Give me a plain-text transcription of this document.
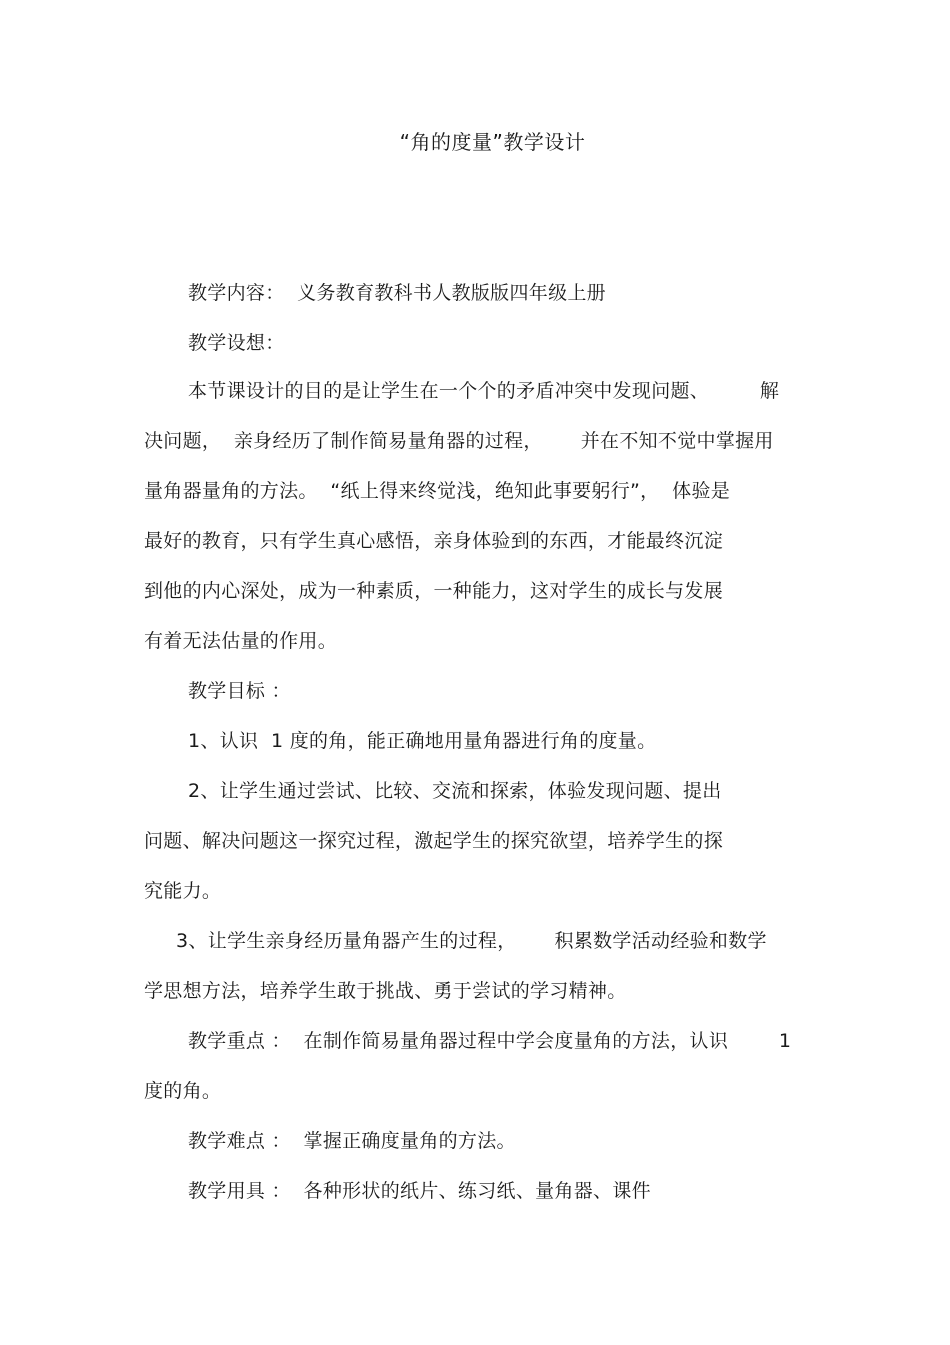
“角的度量”教学设计
教学内容：  义务教育教科书人教版版四年级上册
教学设想：
本节课设计的目的是让学生在一个个的矛盾冲突中发现问题、        解
决问题，  亲身经历了制作简易量角器的过程，      并在不知不觉中掌握用
量角器量角的方法。  “纸上得来终觉浅，绝知此事要躬行”，  体验是
最好的教育，只有学生真心感悟，亲身体验到的东西，才能最终沉淀
到他的内心深处，成为一种素质，一种能力，这对学生的成长与发展
有着无法估量的作用。
教学目标 ：
1、认识  1 度的角，能正确地用量角器进行角的度量。
2、让学生通过尝试、比较、交流和探索，体验发现问题、提出
问题、解决问题这一探究过程，激起学生的探究欲望，培养学生的探
究能力。
3、让学生亲身经历量角器产生的过程，      积累数学活动经验和数学
学思想方法，培养学生敢于挑战、勇于尝试的学习精神。
教学重点 ：  在制作简易量角器过程中学会度量角的方法，认识        1
度的角。
教学难点 ：  掌握正确度量角的方法。
教学用具 ：  各种形状的纸片、练习纸、量角器、课件
